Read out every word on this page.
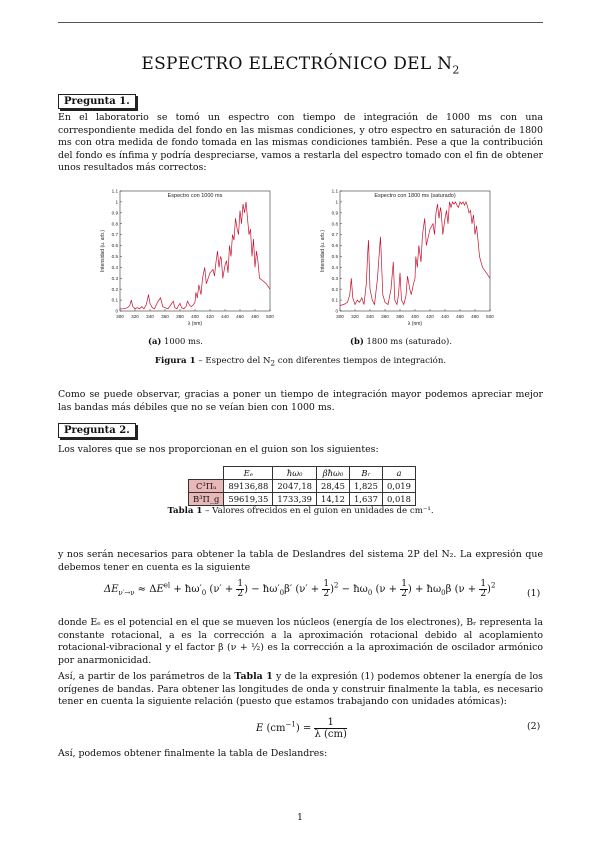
ESPECTRO ELECTRÓNICO DEL $N_2$
Pregunta 1.
En el laboratorio se tomó un espectro con tiempo de integración de 1000 ms con una correspondiente medida del fondo en las mismas condiciones, y otro espectro en saturación de 1800 ms con otra medida de fondo tomada en las mismas condiciones también. Pese a que la contribución del fondo es ínfima y podría despreciarse, vamos a restarla del espectro tomado con el fin de obtener unos resultados más correctos:
Espectro con 1000 ms
300 320 340 360 380 400 420 440 460 480 500
0
0.1
0.2
0.3
0.4
0.5
0.6
0.7
0.8
0.9
1
1.1
λ (nm)
Intensidad (u. arb.)
Espectro con 1800 ms (saturado)
300 320 340 360 380 400 420 440 460 480 500
0
0.1
0.2
0.3
0.4
0.5
0.6
0.7
0.8
0.9
1
1.1
λ (nm)
Intensidad (u. arb.)
(a) 1000 ms.	(b) 1800 ms (saturado).
Figura 1 – Espectro del $N_2$ con diferentes tiempos de integración.
Como se puede observar, gracias a poner un tiempo de integración mayor podemos apreciar mejor las bandas más débiles que no se veían bien con 1000 ms.
Pregunta 2.
Los valores que se nos proporcionan en el guion son los siguientes:
	Eₑ	ħω₀	βħω₀	Bᵣ	a
C³Πᵤ	89136,88	2047,18	28,45	1,825	0,019
B³Π_g	59619,35	1733,39	14,12	1,637	0,018
Tabla 1 – Valores ofrecidos en el guion en unidades de cm⁻¹.
y nos serán necesarios para obtener la tabla de Deslandres del sistema 2P del N₂. La expresión que debemos tener en cuenta es la siguiente
$\Delta E_{\nu'\to\nu} \approx \Delta E^{el}$ + $ħ\omega'_0$ ($\nu' + \frac{1}{2}$ ) − $ħ\omega'_0\beta'$ $(\nu' + \frac{1}{2} )^2$ − $ħ\omega_0$ ($\nu + \frac{1}{2}$ ) + $ħ\omega_0\beta$ $(\nu + \frac{1}{2} )^2$
(1)
donde Eₑ es el potencial en el que se mueven los núcleos (energía de los electrones), Bᵣ representa la constante rotacional, a es la corrección a la aproximación rotacional debido al acoplamiento rotacional-vibracional y el factor β (ν + ½) es la corrección a la aproximación de oscilador armónico por anarmonicidad.
Así, a partir de los parámetros de la Tabla 1 y de la expresión (1) podemos obtener la energía de los orígenes de bandas. Para obtener las longitudes de onda y construir finalmente la tabla, es necesario tener en cuenta la siguiente relación (puesto que estamos trabajando con unidades atómicas):
E $(cm^{-1}) = \frac{1}{\lambda (cm)}$	(2)
Así, podemos obtener finalmente la tabla de Deslandres:
1
